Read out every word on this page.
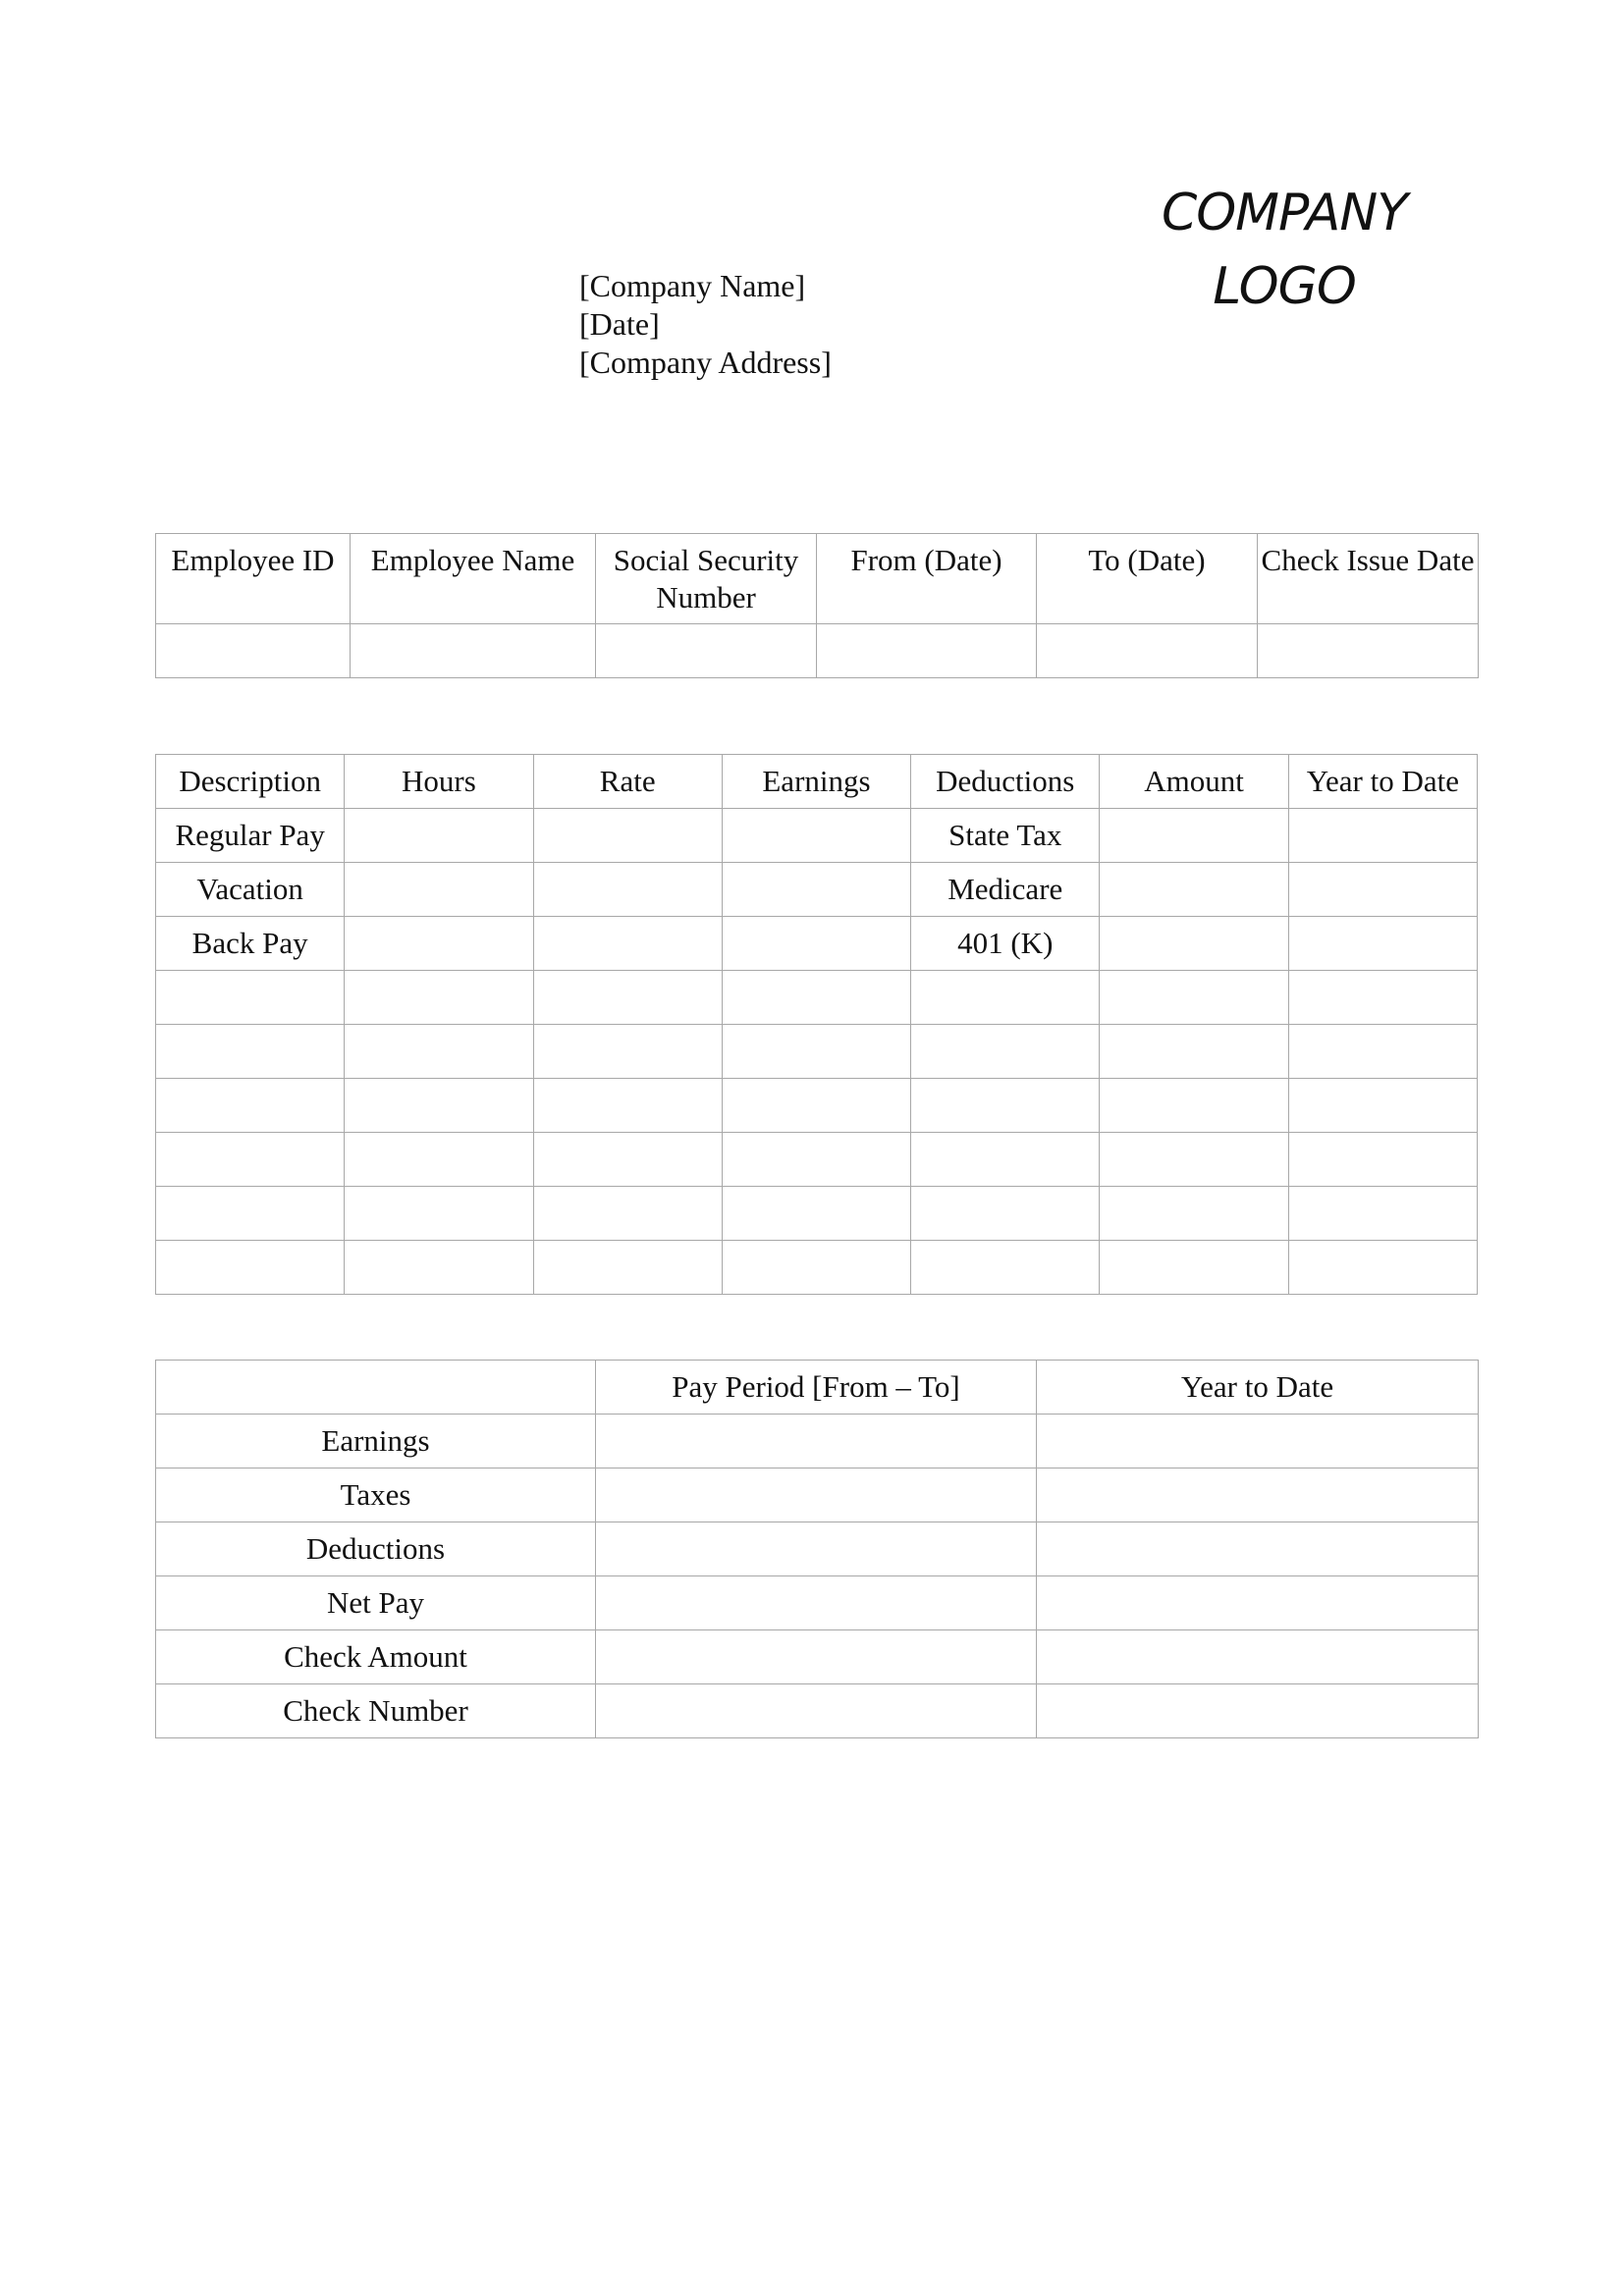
[Company Name]
[Date]
[Company Address]
COMPANY
LOGO
Employee ID	Employee Name	Social Security Number	From (Date)	To (Date)	Check Issue Date

Description	Hours	Rate	Earnings	Deductions	Amount	Year to Date
Regular Pay				State Tax		
Vacation				Medicare		
Back Pay				401 (K)		

	Pay Period [From – To]	Year to Date
Earnings		
Taxes		
Deductions		
Net Pay		
Check Amount		
Check Number		
